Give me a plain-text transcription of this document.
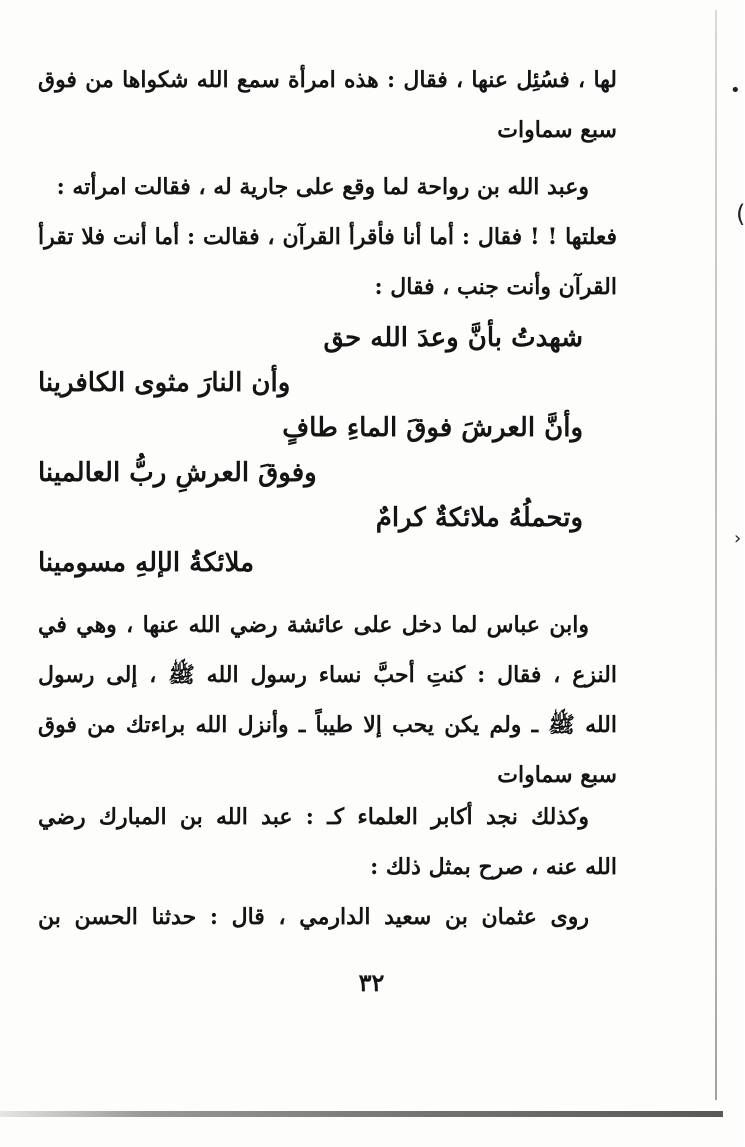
•
(
›
لها ، فسُئِل عنها ، فقال : هذه امرأة سمع الله شكواها من فوق
سبع سماوات
وعبد الله بن رواحة لما وقع على جارية له ، فقالت امرأته :
فعلتها ! ! فقال : أما أنا فأقرأ القرآن ، فقالت : أما أنت فلا تقرأ
القرآن وأنت جنب ، فقال :
شهدتُ بأنَّ وعدَ الله حق
وأن النارَ مثوى الكافرينا
وأنَّ العرشَ فوقَ الماءِ طافٍ
وفوقَ العرشِ ربُّ العالمينا
وتحملُهُ ملائكةٌ كرامٌ
ملائكةُ الإلهِ مسومينا
وابن عباس لما دخل على عائشة رضي الله عنها ، وهي في
النزع ، فقال : كنتِ أحبَّ نساء رسول الله ﷺ ، إلى رسول
الله ﷺ ـ ولم يكن يحب إلا طيباً ـ وأنزل الله براءتك من فوق
سبع سماوات
وكذلك نجد أكابر العلماء كـ : عبد الله بن المبارك رضي
الله عنه ، صرح بمثل ذلك :
روى عثمان بن سعيد الدارمي ، قال : حدثنا الحسن بن
٣٢
